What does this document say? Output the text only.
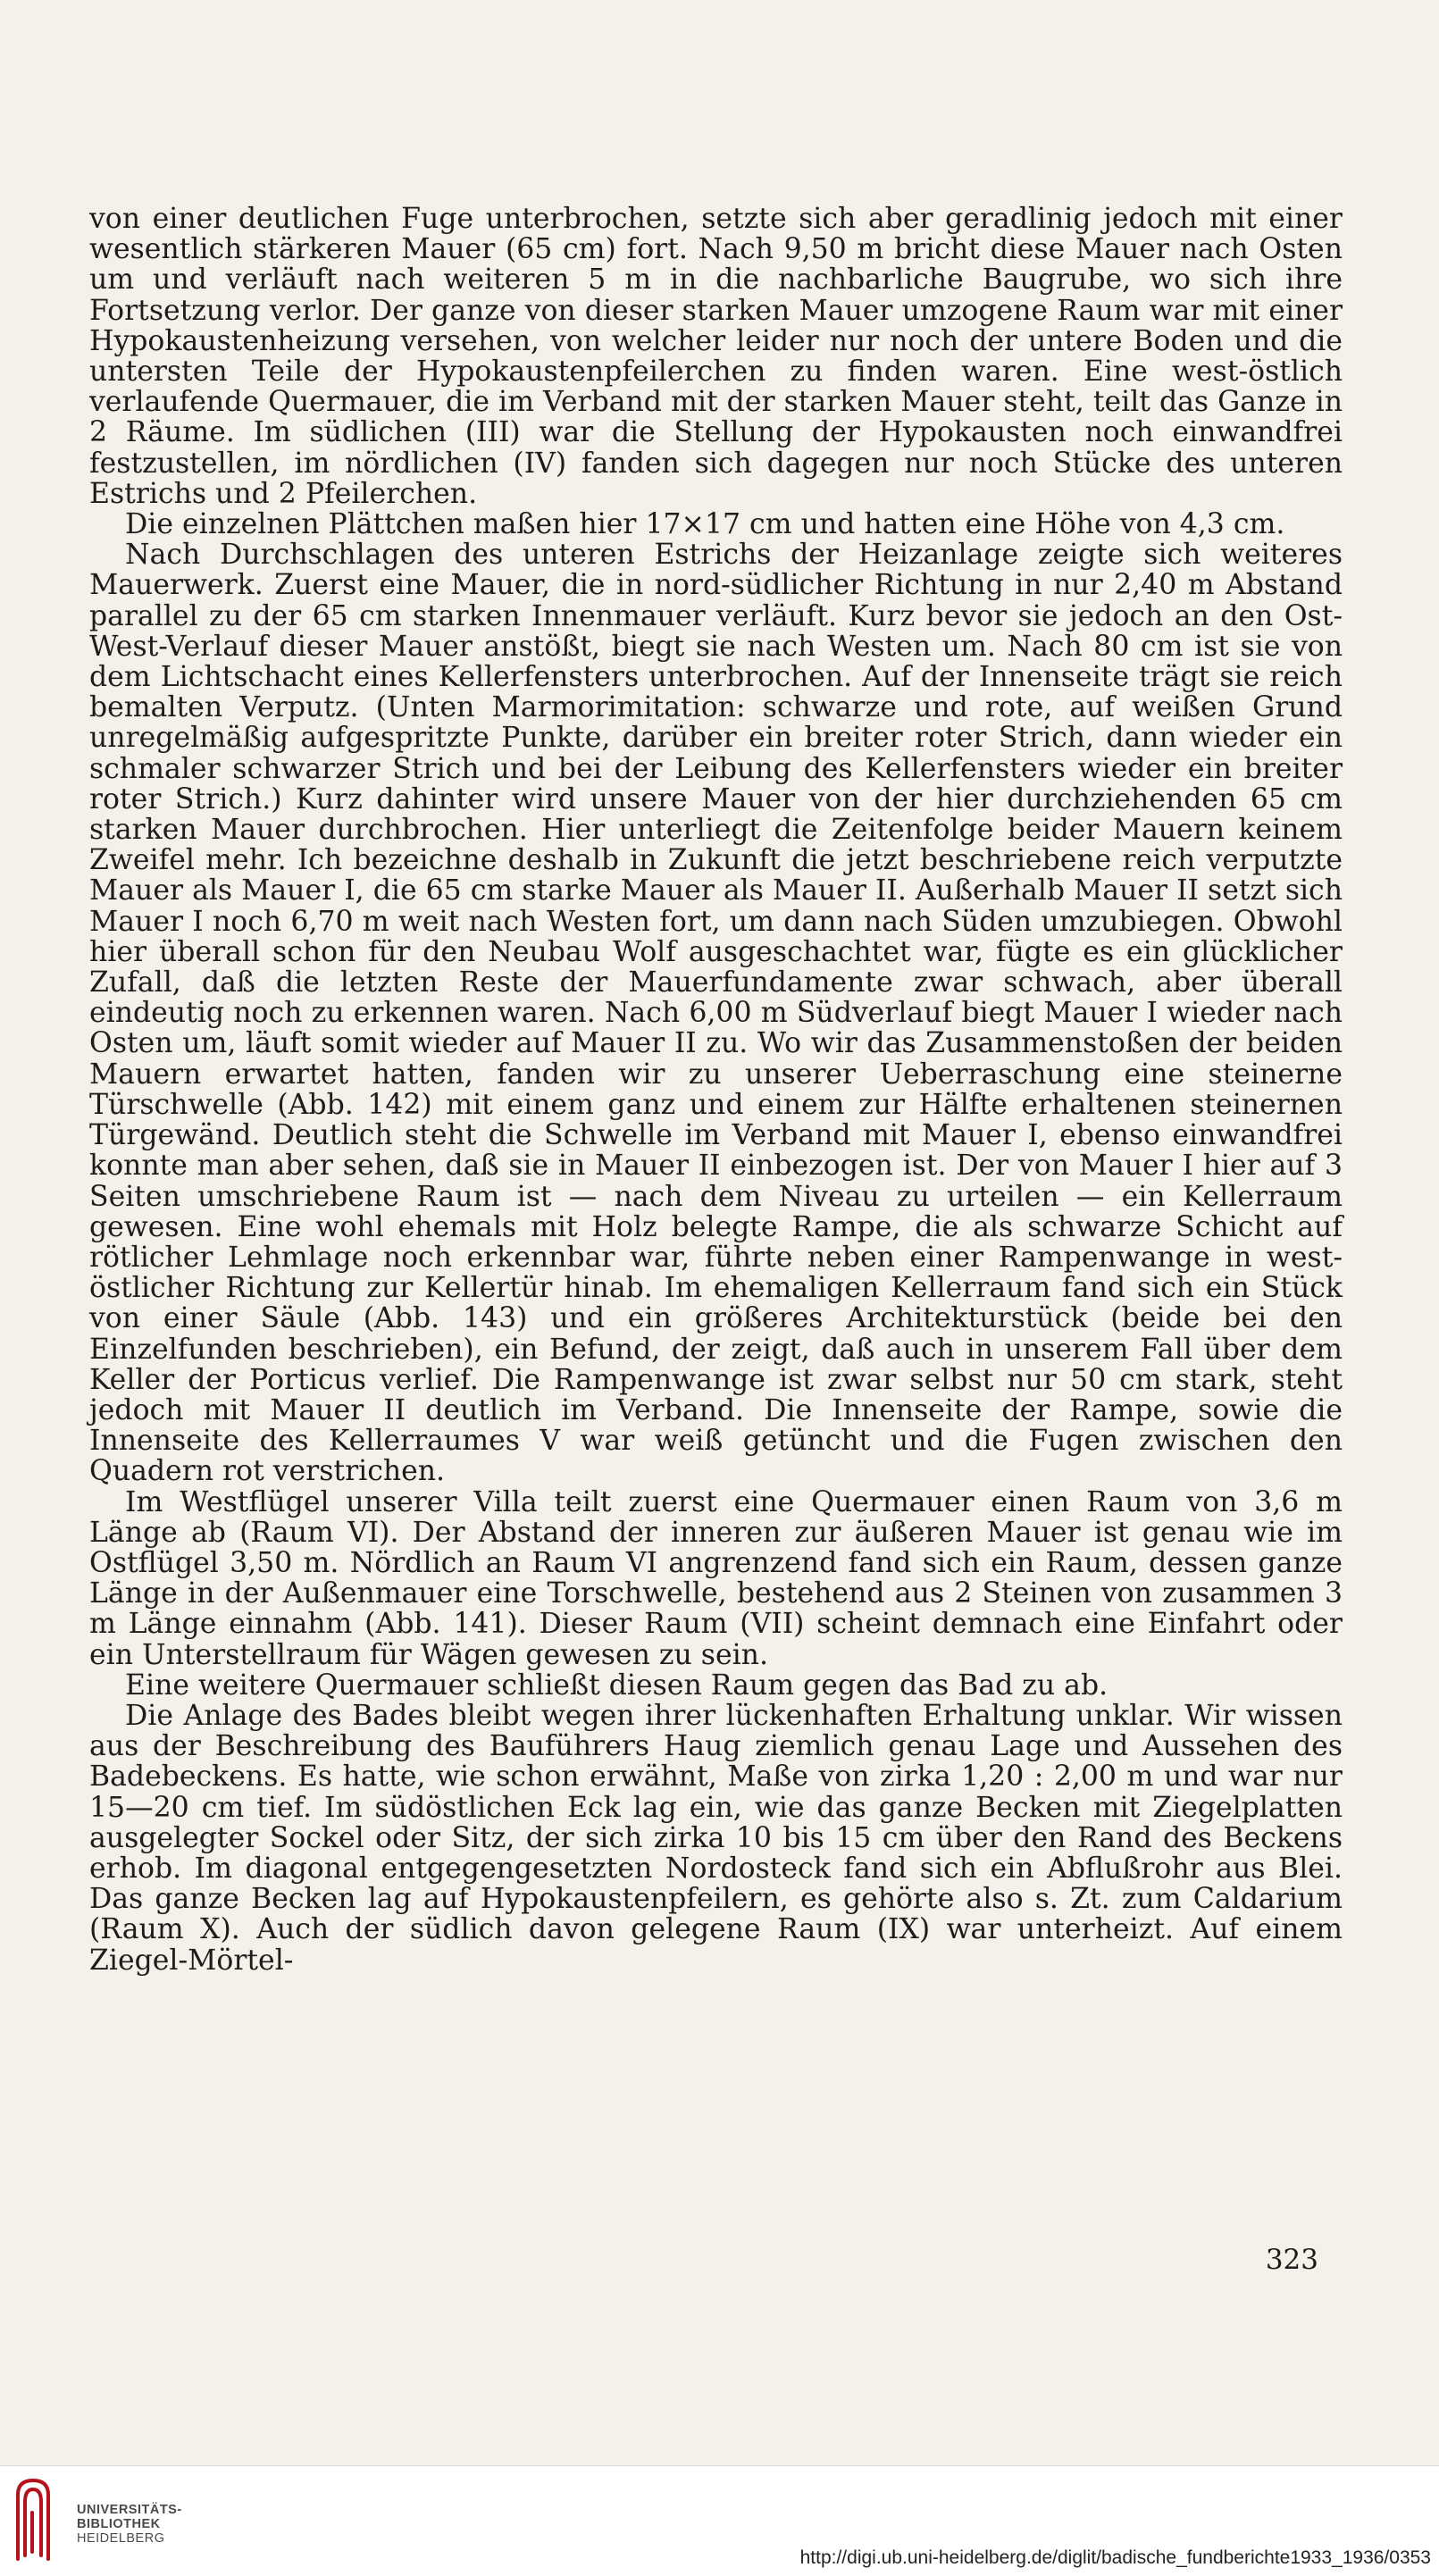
von einer deutlichen Fuge unterbrochen, setzte sich aber geradlinig jedoch mit einer wesentlich stärkeren Mauer (65 cm) fort. Nach 9,50 m bricht diese Mauer nach Osten um und verläuft nach weiteren 5 m in die nachbarliche Baugrube, wo sich ihre Fortsetzung verlor. Der ganze von dieser starken Mauer umzogene Raum war mit einer Hypokaustenheizung versehen, von welcher leider nur noch der untere Boden und die untersten Teile der Hypokaustenpfeilerchen zu finden waren. Eine west-östlich verlaufende Quermauer, die im Verband mit der starken Mauer steht, teilt das Ganze in 2 Räume. Im südlichen (III) war die Stellung der Hypokausten noch einwandfrei festzustellen, im nördlichen (IV) fanden sich dagegen nur noch Stücke des unteren Estrichs und 2 Pfeilerchen.

Die einzelnen Plättchen maßen hier 17×17 cm und hatten eine Höhe von 4,3 cm.

Nach Durchschlagen des unteren Estrichs der Heizanlage zeigte sich weiteres Mauerwerk. Zuerst eine Mauer, die in nord-südlicher Richtung in nur 2,40 m Abstand parallel zu der 65 cm starken Innenmauer verläuft. Kurz bevor sie jedoch an den Ost-West-Verlauf dieser Mauer anstößt, biegt sie nach Westen um. Nach 80 cm ist sie von dem Lichtschacht eines Kellerfensters unterbrochen. Auf der Innenseite trägt sie reich bemalten Verputz. (Unten Marmorimitation: schwarze und rote, auf weißen Grund unregelmäßig aufgespritzte Punkte, darüber ein breiter roter Strich, dann wieder ein schmaler schwarzer Strich und bei der Leibung des Kellerfensters wieder ein breiter roter Strich.) Kurz dahinter wird unsere Mauer von der hier durchziehenden 65 cm starken Mauer durchbrochen. Hier unterliegt die Zeitenfolge beider Mauern keinem Zweifel mehr. Ich bezeichne deshalb in Zukunft die jetzt beschriebene reich verputzte Mauer als Mauer I, die 65 cm starke Mauer als Mauer II. Außerhalb Mauer II setzt sich Mauer I noch 6,70 m weit nach Westen fort, um dann nach Süden umzubiegen. Obwohl hier überall schon für den Neubau Wolf ausgeschachtet war, fügte es ein glücklicher Zufall, daß die letzten Reste der Mauerfundamente zwar schwach, aber überall eindeutig noch zu erkennen waren. Nach 6,00 m Südverlauf biegt Mauer I wieder nach Osten um, läuft somit wieder auf Mauer II zu. Wo wir das Zusammenstoßen der beiden Mauern erwartet hatten, fanden wir zu unserer Ueberraschung eine steinerne Türschwelle (Abb. 142) mit einem ganz und einem zur Hälfte erhaltenen steinernen Türgewänd. Deutlich steht die Schwelle im Verband mit Mauer I, ebenso einwandfrei konnte man aber sehen, daß sie in Mauer II einbezogen ist. Der von Mauer I hier auf 3 Seiten umschriebene Raum ist — nach dem Niveau zu urteilen — ein Kellerraum gewesen. Eine wohl ehemals mit Holz belegte Rampe, die als schwarze Schicht auf rötlicher Lehmlage noch erkennbar war, führte neben einer Rampenwange in west-östlicher Richtung zur Kellertür hinab. Im ehemaligen Kellerraum fand sich ein Stück von einer Säule (Abb. 143) und ein größeres Architekturstück (beide bei den Einzelfunden beschrieben), ein Befund, der zeigt, daß auch in unserem Fall über dem Keller der Porticus verlief. Die Rampenwange ist zwar selbst nur 50 cm stark, steht jedoch mit Mauer II deutlich im Verband. Die Innenseite der Rampe, sowie die Innenseite des Kellerraumes V war weiß getüncht und die Fugen zwischen den Quadern rot verstrichen.

Im Westflügel unserer Villa teilt zuerst eine Quermauer einen Raum von 3,6 m Länge ab (Raum VI). Der Abstand der inneren zur äußeren Mauer ist genau wie im Ostflügel 3,50 m. Nördlich an Raum VI angrenzend fand sich ein Raum, dessen ganze Länge in der Außenmauer eine Torschwelle, bestehend aus 2 Steinen von zusammen 3 m Länge einnahm (Abb. 141). Dieser Raum (VII) scheint demnach eine Einfahrt oder ein Unterstellraum für Wägen gewesen zu sein.

Eine weitere Quermauer schließt diesen Raum gegen das Bad zu ab.

Die Anlage des Bades bleibt wegen ihrer lückenhaften Erhaltung unklar. Wir wissen aus der Beschreibung des Bauführers Haug ziemlich genau Lage und Aussehen des Badebeckens. Es hatte, wie schon erwähnt, Maße von zirka 1,20 : 2,00 m und war nur 15—20 cm tief. Im südöstlichen Eck lag ein, wie das ganze Becken mit Ziegelplatten ausgelegter Sockel oder Sitz, der sich zirka 10 bis 15 cm über den Rand des Beckens erhob. Im diagonal entgegengesetzten Nordosteck fand sich ein Abflußrohr aus Blei. Das ganze Becken lag auf Hypokaustenpfeilern, es gehörte also s. Zt. zum Caldarium (Raum X). Auch der südlich davon gelegene Raum (IX) war unterheizt. Auf einem Ziegel-Mörtel-

323
UNIVERSITÄTS-
BIBLIOTHEK
HEIDELBERG
http://digi.ub.uni-heidelberg.de/diglit/badische_fundberichte1933_1936/0353
